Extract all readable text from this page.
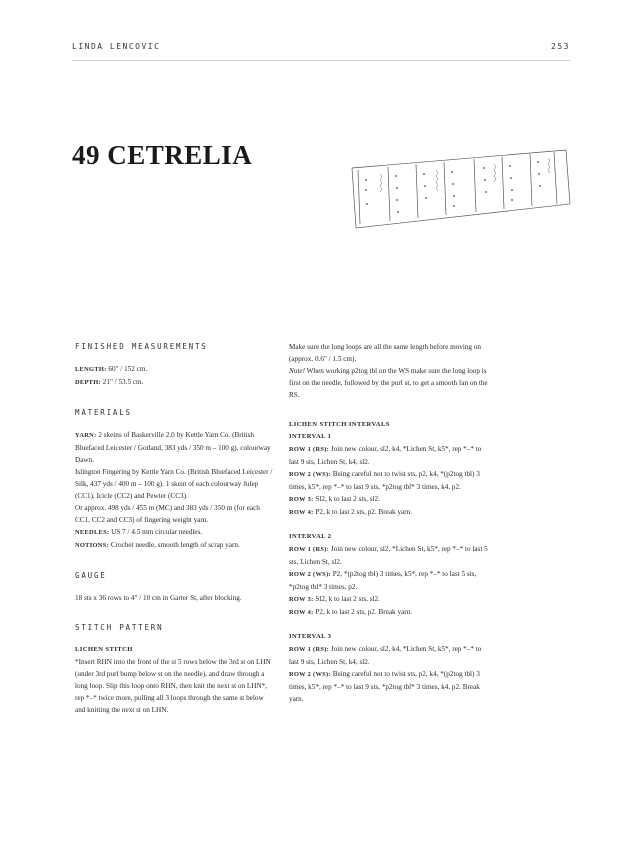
LINDA LENCOVIC	253
49 CETRELIA
FINISHED MEASUREMENTS

LENGTH: 60" / 152 cm.

DEPTH: 21" / 53.5 cm.

MATERIALS

YARN: 2 skeins of Baskerville 2.0 by Kettle Yarn Co. (British Bluefaced Leicester / Gotland, 383 yds / 350 m – 100 g), colourway Dawn.

Islington Fingering by Kettle Yarn Co. (British Bluefaced Leicester / Silk, 437 yds / 400 m – 100 g). 1 skein of each colourway Julep (CC1), Icicle (CC2) and Pewter (CC3).

Or approx. 498 yds / 455 m (MC) and 383 yds / 350 m (for each CC1, CC2 and CC3) of fingering weight yarn.

NEEDLES: US 7 / 4.5 mm circular needles.

NOTIONS: Crochet needle, smooth length of scrap yarn.

GAUGE

18 sts x 36 rows to 4" / 10 cm in Garter St, after blocking.

STITCH PATTERN

LICHEN STITCH

*Insert RHN into the front of the st 5 rows below the 3rd st on LHN (under 3rd purl bump below st on the needle), and draw through a long loop. Slip this loop onto RHN, then knit the next st on LHN*, rep *–* twice more, pulling all 3 loops through the same st below and knitting the next st on LHN.

Make sure the long loops are all the same length before moving on (approx. 0.6" / 1.5 cm).

Note! When working p2tog tbl on the WS make sure the long loop is first on the needle, followed by the purl st, to get a smooth fan on the RS.

LICHEN STITCH INTERVALS

INTERVAL 1

ROW 1 (RS): Join new colour, sl2, k4, *Lichen St, k5*, rep *–* to last 9 sts, Lichen St, k4, sl2.

ROW 2 (WS): Being careful not to twist sts, p2, k4, *(p2tog tbl) 3 times, k5*, rep *–* to last 9 sts, *p2tog tbl* 3 times, k4, p2.

ROW 3: Sl2, k to last 2 sts, sl2.

ROW 4: P2, k to last 2 sts, p2. Break yarn.

INTERVAL 2

ROW 1 (RS): Join new colour, sl2, *Lichen St, k5*, rep *–* to last 5 sts, Lichen St, sl2.

ROW 2 (WS): P2, *(p2tog tbl) 3 times, k5*, rep *–* to last 5 sts, *p2tog tbl* 3 times, p2.

ROW 3: Sl2, k to last 2 sts, sl2.

ROW 4: P2, k to last 2 sts, p2. Break yarn.

INTERVAL 3

ROW 1 (RS): Join new colour, sl2, k4, *Lichen St, k5*, rep *–* to last 9 sts, Lichen St, k4, sl2.

ROW 2 (WS): Being careful not to twist sts, p2, k4, *(p2tog tbl) 3 times, k5*, rep *–* to last 9 sts, *p2tog tbl* 3 times, k4, p2. Break yarn.
